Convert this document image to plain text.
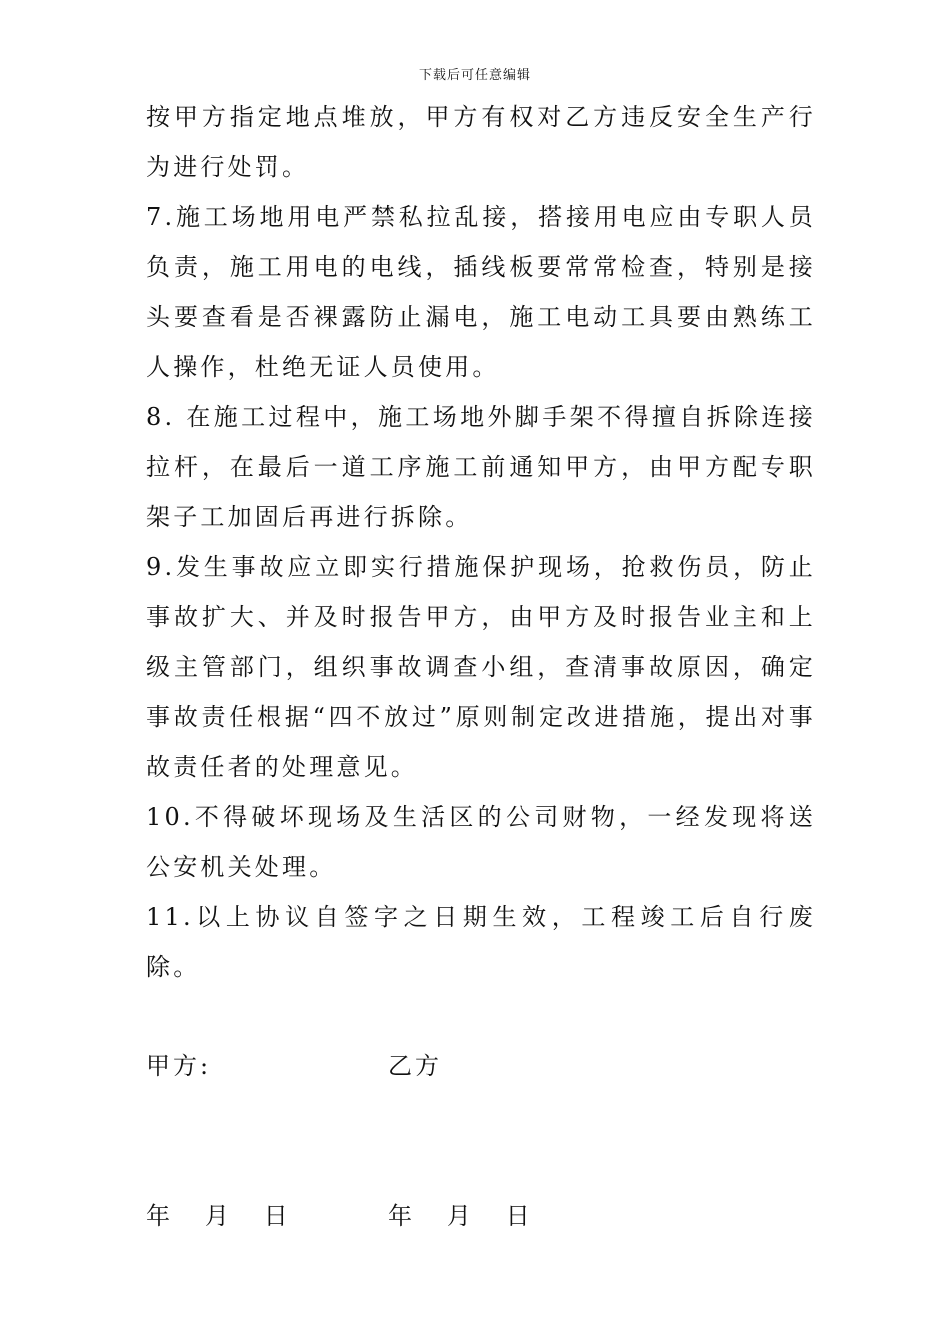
下载后可任意编辑

按甲方指定地点堆放，甲方有权对乙方违反安全生产行为进行处罚。

7.施工场地用电严禁私拉乱接，搭接用电应由专职人员负责，施工用电的电线，插线板要常常检查，特别是接头要查看是否裸露防止漏电，施工电动工具要由熟练工人操作，杜绝无证人员使用。

8. 在施工过程中，施工场地外脚手架不得擅自拆除连接拉杆，在最后一道工序施工前通知甲方，由甲方配专职架子工加固后再进行拆除。

9.发生事故应立即实行措施保护现场，抢救伤员，防止事故扩大、并及时报告甲方，由甲方及时报告业主和上级主管部门，组织事故调查小组，查清事故原因，确定事故责任根据“四不放过”原则制定改进措施，提出对事故责任者的处理意见。

10.不得破坏现场及生活区的公司财物，一经发现将送公安机关处理。

11.以上协议自签字之日期生效，工程竣工后自行废除。

甲方:	乙方
年   月   日	年   月   日
